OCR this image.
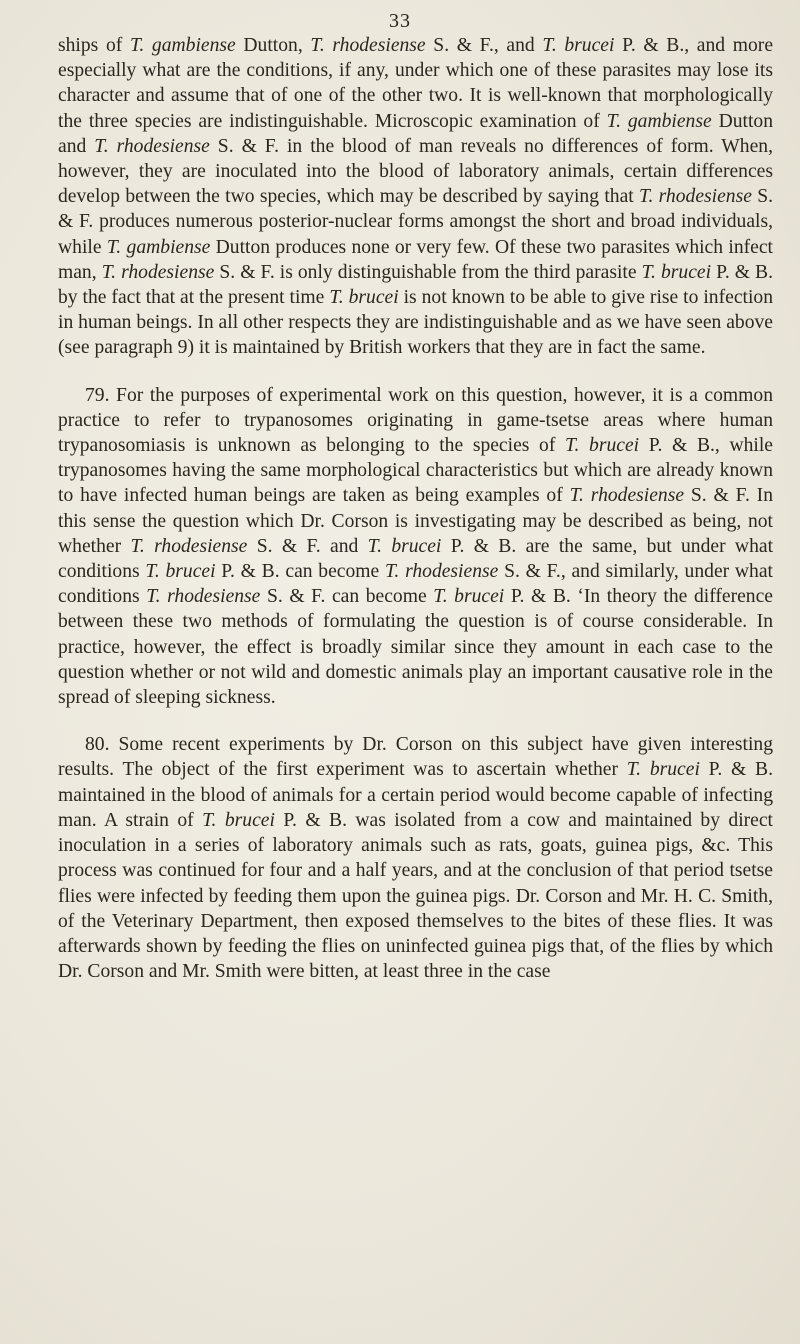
33

ships of T. gambiense Dutton, T. rhodesiense S. & F., and T. brucei P. & B., and more especially what are the conditions, if any, under which one of these parasites may lose its character and assume that of one of the other two. It is well-known that morphologically the three species are indistinguishable. Microscopic examination of T. gambiense Dutton and T. rhodesiense S. & F. in the blood of man reveals no differences of form. When, however, they are inoculated into the blood of laboratory animals, certain differences develop between the two species, which may be described by saying that T. rhodesiense S. & F. produces numerous posterior-nuclear forms amongst the short and broad individuals, while T. gambiense Dutton produces none or very few. Of these two parasites which infect man, T. rhodesiense S. & F. is only distinguishable from the third parasite T. brucei P. & B. by the fact that at the present time T. brucei is not known to be able to give rise to infection in human beings. In all other respects they are indistinguishable and as we have seen above (see paragraph 9) it is maintained by British workers that they are in fact the same.

79. For the purposes of experimental work on this question, however, it is a common practice to refer to trypanosomes originating in game-tsetse areas where human trypanosomiasis is unknown as belonging to the species of T. brucei P. & B., while trypanosomes having the same morphological characteristics but which are already known to have infected human beings are taken as being examples of T. rhodesiense S. & F. In this sense the question which Dr. Corson is investigating may be described as being, not whether T. rhodesiense S. & F. and T. brucei P. & B. are the same, but under what conditions T. brucei P. & B. can become T. rhodesiense S. & F., and similarly, under what conditions T. rhodesiense S. & F. can become T. brucei P. & B. ‘In theory the difference between these two methods of formulating the question is of course considerable. In practice, however, the effect is broadly similar since they amount in each case to the question whether or not wild and domestic animals play an important causative role in the spread of sleeping sickness.

80. Some recent experiments by Dr. Corson on this subject have given interesting results. The object of the first experiment was to ascertain whether T. brucei P. & B. maintained in the blood of animals for a certain period would become capable of infecting man. A strain of T. brucei P. & B. was isolated from a cow and maintained by direct inoculation in a series of laboratory animals such as rats, goats, guinea pigs, &c. This process was continued for four and a half years, and at the conclusion of that period tsetse flies were infected by feeding them upon the guinea pigs. Dr. Corson and Mr. H. C. Smith, of the Veterinary Department, then exposed themselves to the bites of these flies. It was afterwards shown by feeding the flies on uninfected guinea pigs that, of the flies by which Dr. Corson and Mr. Smith were bitten, at least three in the case
